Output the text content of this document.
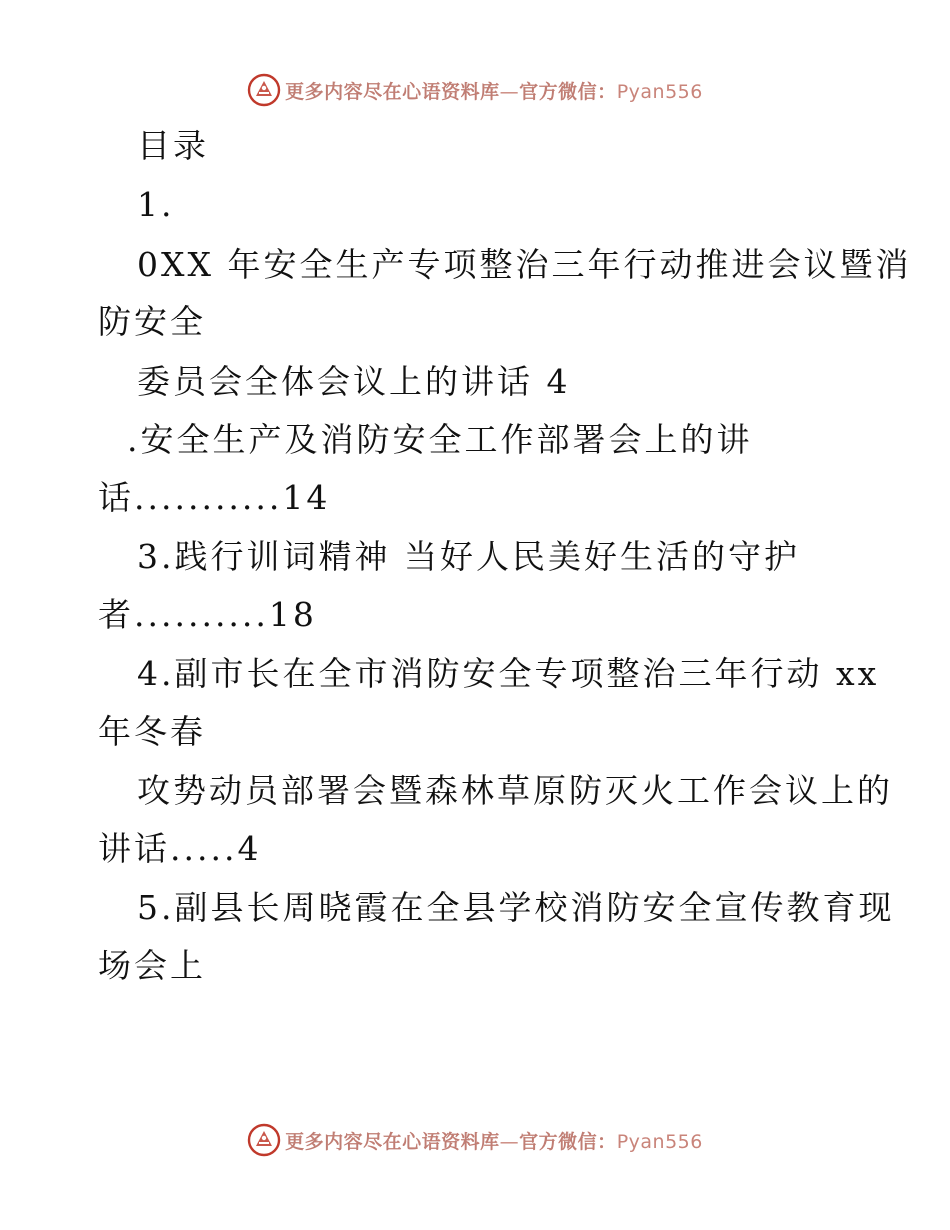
更多内容尽在心语资料库—官方微信：Pyan556
目录
1.
0XX 年安全生产专项整治三年行动推进会议暨消
防安全
委员会全体会议上的讲话 4
.安全生产及消防安全工作部署会上的讲
话...........14
3.践行训词精神 当好人民美好生活的守护
者..........18
4.副市长在全市消防安全专项整治三年行动 xx
年冬春
攻势动员部署会暨森林草原防灭火工作会议上的
讲话.....4
5.副县长周晓霞在全县学校消防安全宣传教育现
场会上
更多内容尽在心语资料库—官方微信：Pyan556
